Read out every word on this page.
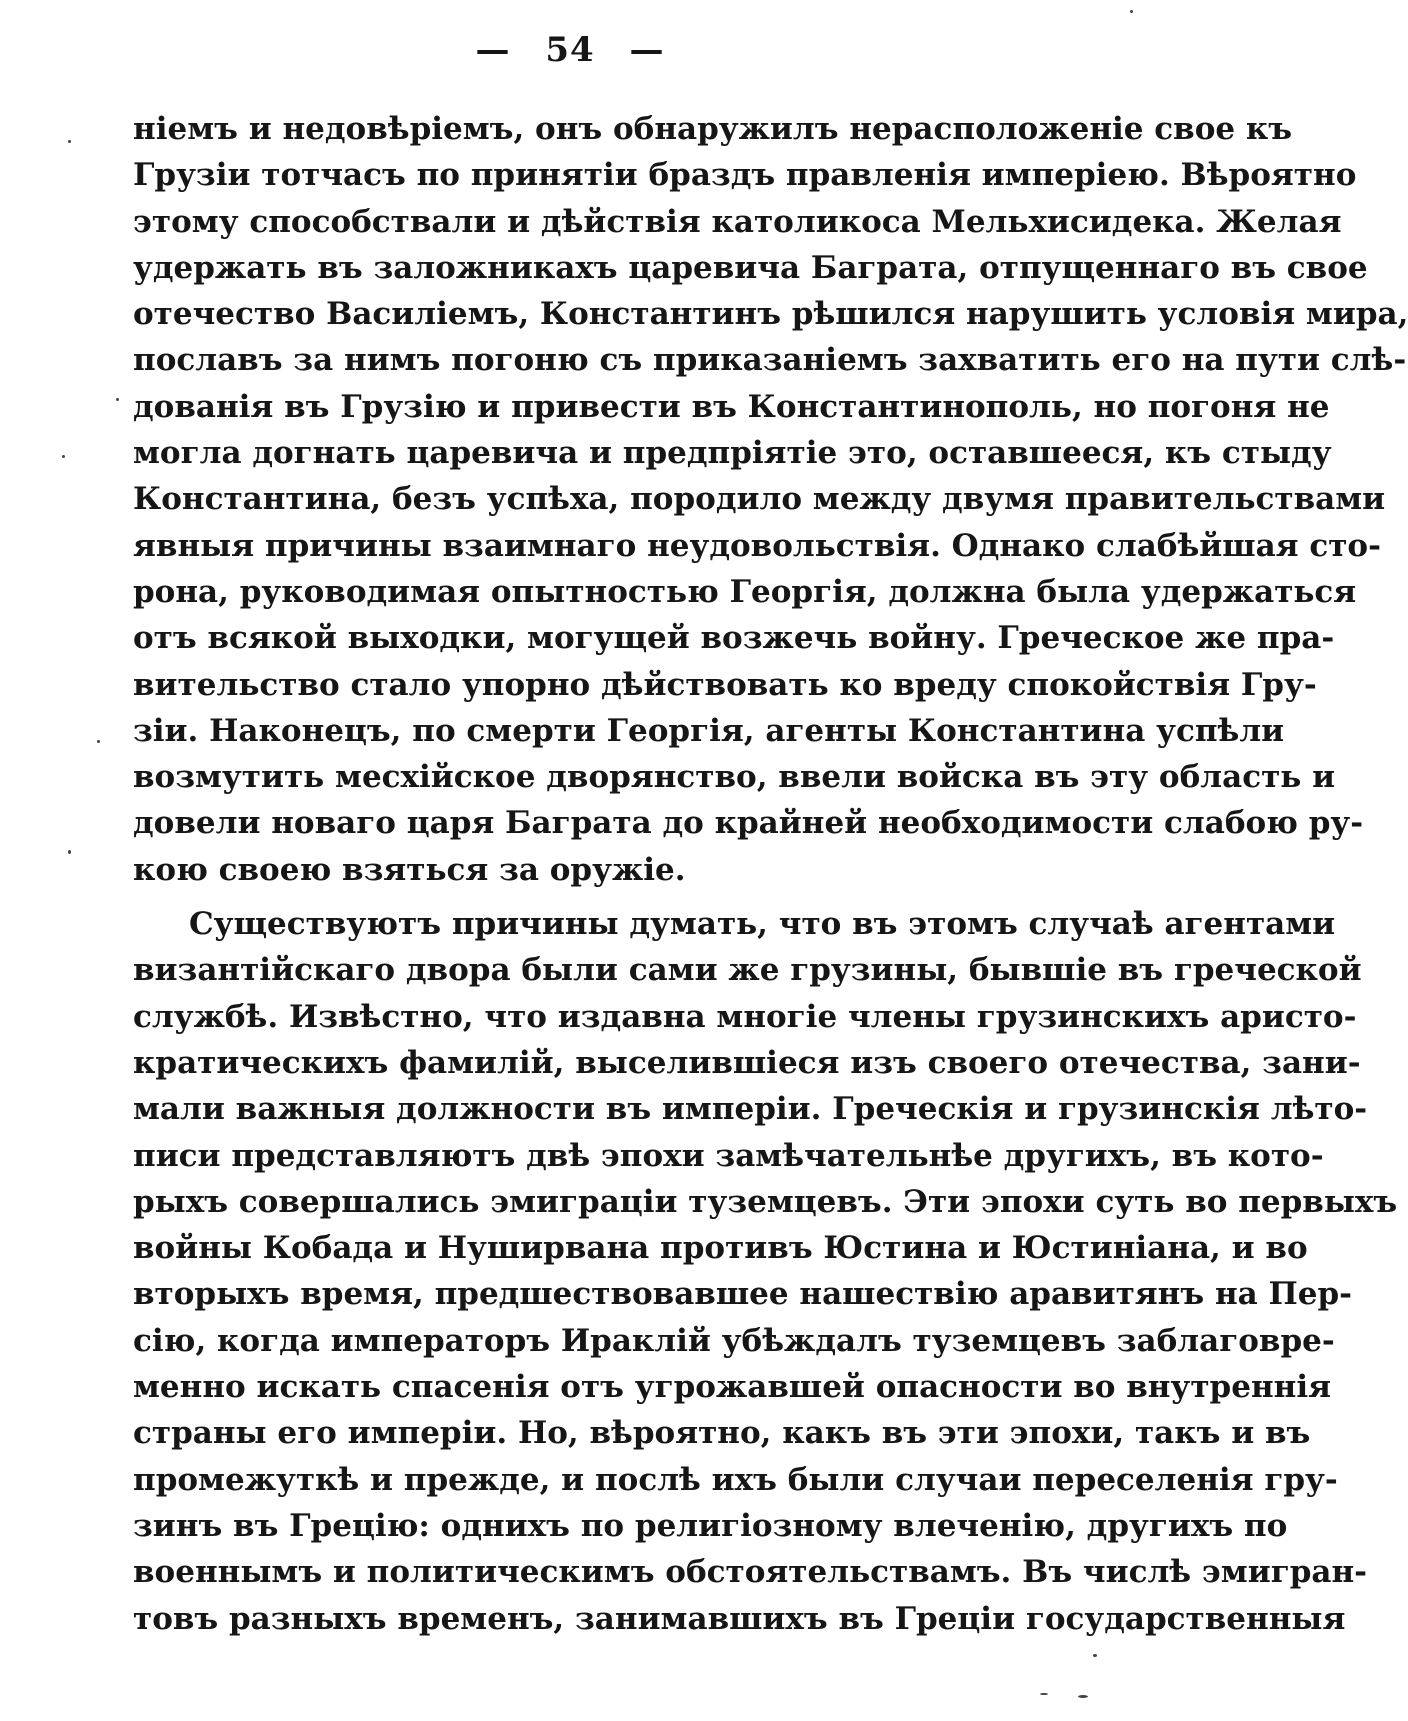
— 54 —
ніемъ и недовѣріемъ, онъ обнаружилъ нерасположеніе свое къ
Грузіи тотчасъ по принятіи браздъ правленія имперіею. Вѣроятно
этому способствали и дѣйствія католикоса Мельхисидека. Желая
удержать въ заложникахъ царевича Баграта, отпущеннаго въ свое
отечество Василіемъ, Константинъ рѣшился нарушить условія мира,
пославъ за нимъ погоню съ приказаніемъ захватить его на пути слѣ-
дованія въ Грузію и привести въ Константинополь, но погоня не
могла догнать царевича и предпріятіе это, оставшееся, къ стыду
Константина, безъ успѣха, породило между двумя правительствами
явныя причины взаимнаго неудовольствія. Однако слабѣйшая сто-
рона, руководимая опытностью Георгія, должна была удержаться
отъ всякой выходки, могущей возжечь войну. Греческое же пра-
вительство стало упорно дѣйствовать ко вреду спокойствія Гру-
зіи. Наконецъ, по смерти Георгія, агенты Константина успѣли
возмутить месхійское дворянство, ввели войска въ эту область и
довели новаго царя Баграта до крайней необходимости слабою ру-
кою своею взяться за оружіе.
Существуютъ причины думать, что въ этомъ случаѣ агентами
византійскаго двора были сами же грузины, бывшіе въ греческой
службѣ. Извѣстно, что издавна многіе члены грузинскихъ аристо-
кратическихъ фамилій, выселившіеся изъ своего отечества, зани-
мали важныя должности въ имперіи. Греческія и грузинскія лѣто-
писи представляютъ двѣ эпохи замѣчательнѣе другихъ, въ кото-
рыхъ совершались эмиграціи туземцевъ. Эти эпохи суть во первыхъ
войны Кобада и Нуширвана противъ Юстина и Юстиніана, и во
вторыхъ время, предшествовавшее нашествію аравитянъ на Пер-
сію, когда императоръ Ираклій убѣждалъ туземцевъ заблаговре-
менно искать спасенія отъ угрожавшей опасности во внутреннія
страны его имперіи. Но, вѣроятно, какъ въ эти эпохи, такъ и въ
промежуткѣ и прежде, и послѣ ихъ были случаи переселенія гру-
зинъ въ Грецію: однихъ по религіозному влеченію, другихъ по
военнымъ и политическимъ обстоятельствамъ. Въ числѣ эмигран-
товъ разныхъ временъ, занимавшихъ въ Греціи государственныя
